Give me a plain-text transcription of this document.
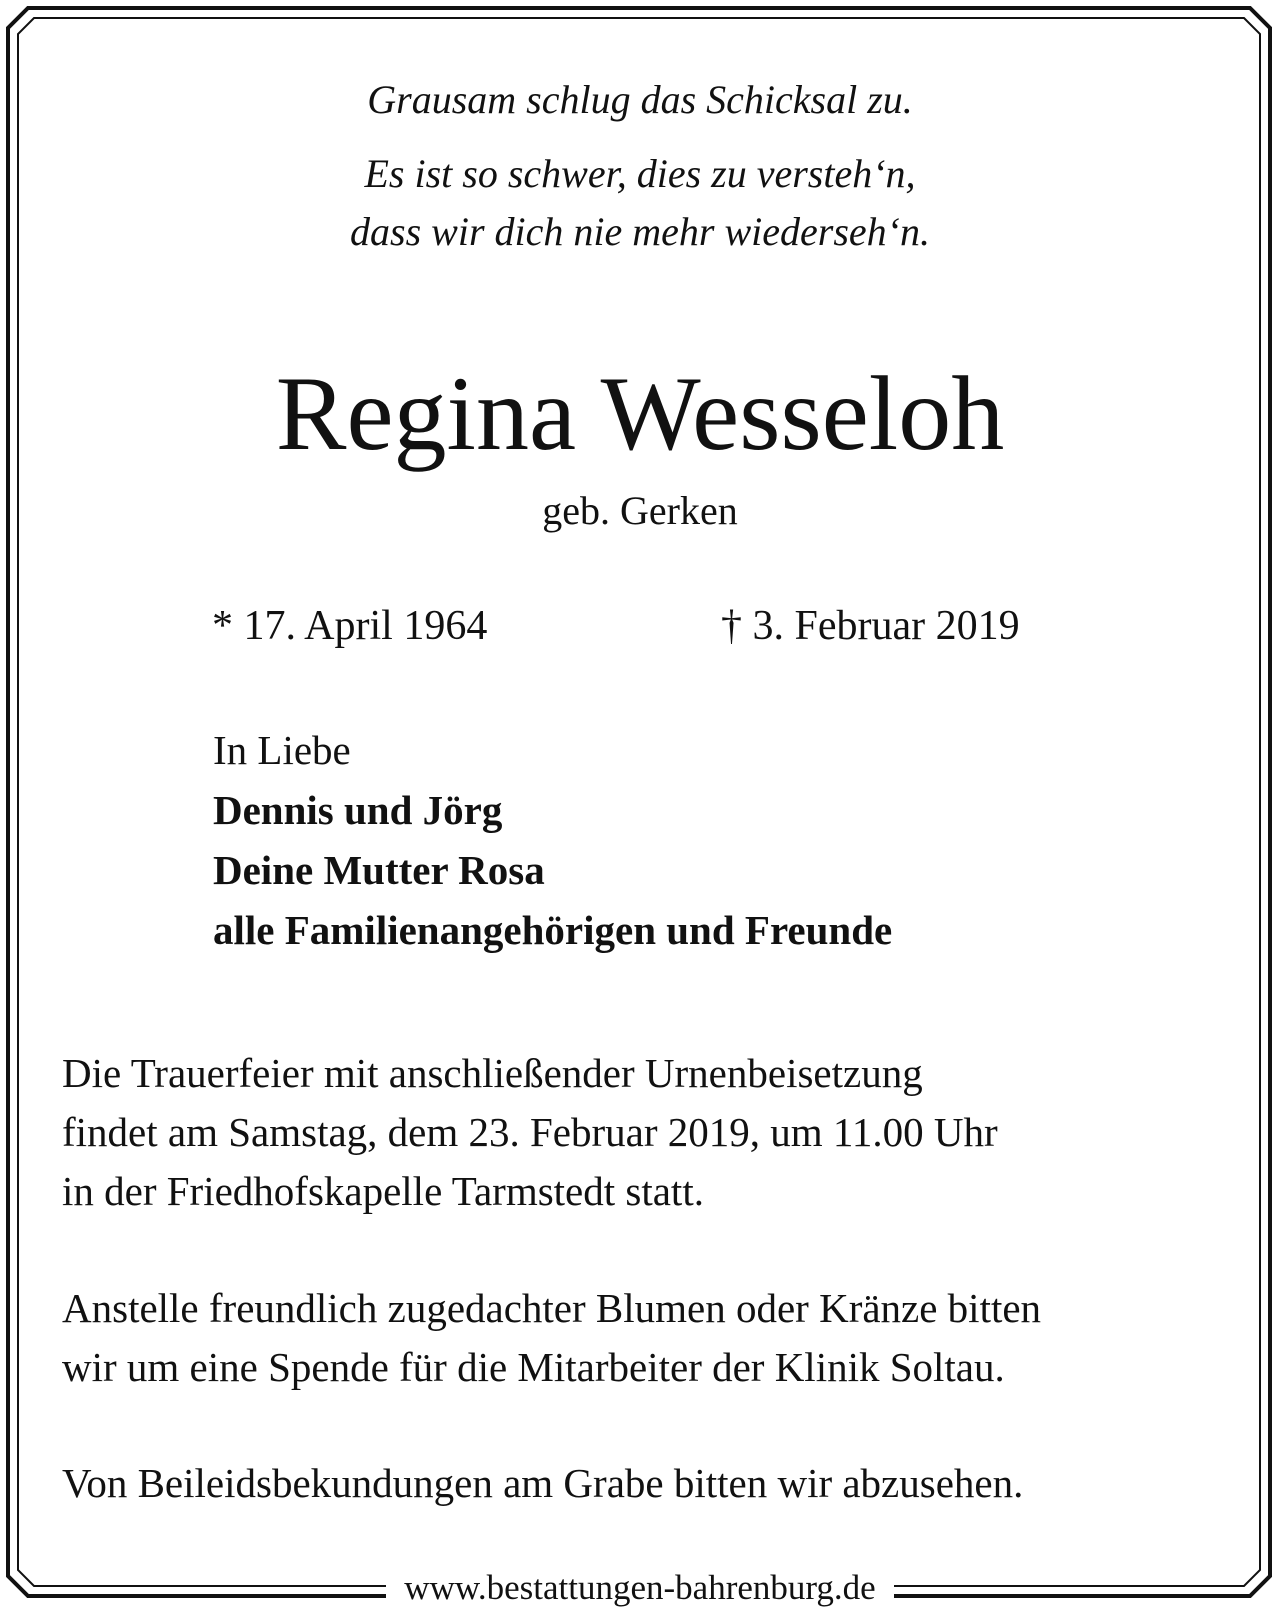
Grausam schlug das Schicksal zu.
Es ist so schwer, dies zu versteh‘n,
dass wir dich nie mehr wiederseh‘n.
Regina Wesseloh
geb. Gerken
* 17. April 1964	† 3. Februar 2019
In Liebe
Dennis und Jörg
Deine Mutter Rosa
alle Familienangehörigen und Freunde
Die Trauerfeier mit anschließender Urnenbeisetzung
findet am Samstag, dem 23. Februar 2019, um 11.00 Uhr
in der Friedhofskapelle Tarmstedt statt.
Anstelle freundlich zugedachter Blumen oder Kränze bitten
wir um eine Spende für die Mitarbeiter der Klinik Soltau.
Von Beileidsbekundungen am Grabe bitten wir abzusehen.
www.bestattungen-bahrenburg.de
